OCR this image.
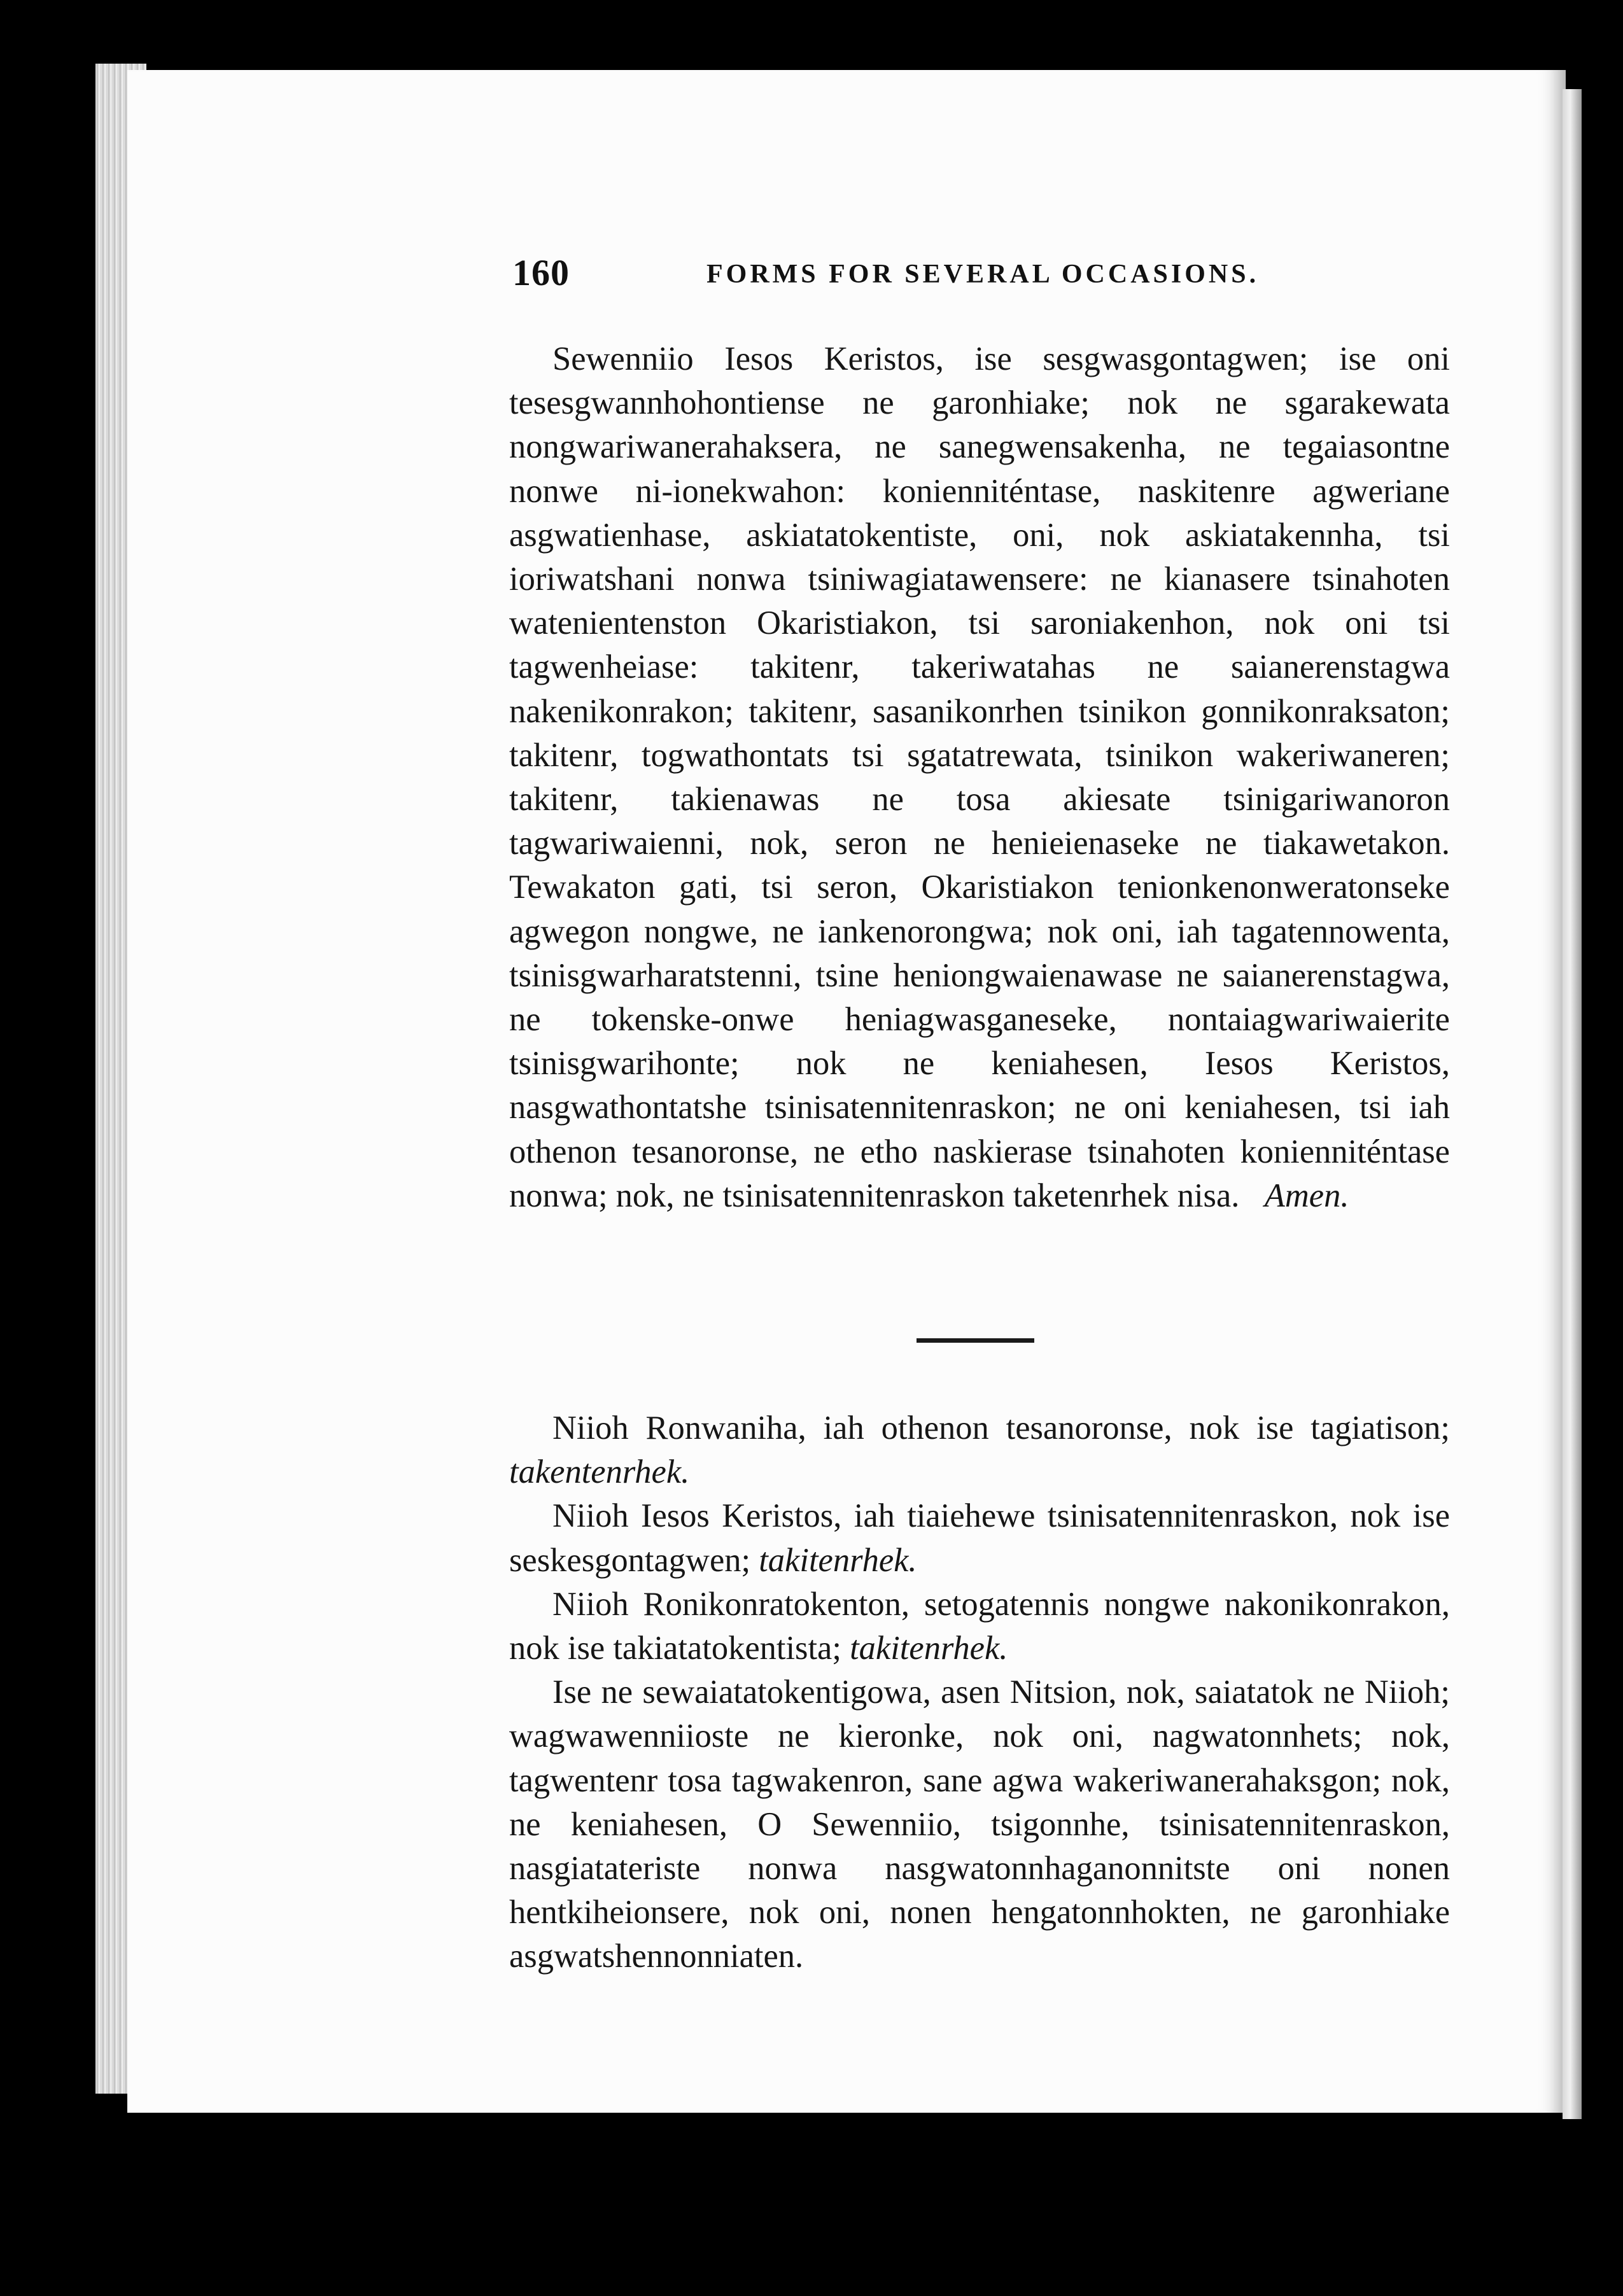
160	FORMS FOR SEVERAL OCCASIONS.

Sewenniio Iesos Keristos, ise sesgwasgontagwen; ise oni tesesgwannhohontiense ne garonhiake; nok ne sgarakewata nongwariwanerahaksera, ne sanegwensakenha, ne tegaiasontne nonwe ni-ionekwahon: konienniténtase, naskitenre agweriane asgwatienhase, askiatatokentiste, oni, nok askiatakennha, tsi ioriwatshani nonwa tsiniwagiatawensere: ne kianasere tsinahoten watenientenston Okaristiakon, tsi saroniakenhon, nok oni tsi tagwenheiase: takitenr, takeriwatahas ne saianerenstagwa nakenikonrakon; takitenr, sasanikonrhen tsinikon gonnikonraksaton; takitenr, togwathontats tsi sgatatrewata, tsinikon wakeriwaneren; takitenr, takienawas ne tosa akiesate tsinigariwanoron tagwariwaienni, nok, seron ne henieienaseke ne tiakawetakon. Tewakaton gati, tsi seron, Okaristiakon tenionkenonweratonseke agwegon nongwe, ne iankenorongwa; nok oni, iah tagatennowenta, tsinisgwarharatstenni, tsine heniongwaienawase ne saianerenstagwa, ne tokenske-onwe heniagwasganeseke, nontaiagwariwaierite tsinisgwarihonte; nok ne keniahesen, Iesos Keristos, nasgwathontatshe tsinisatennitenraskon; ne oni keniahesen, tsi iah othenon tesanoronse, ne etho naskierase tsinahoten konienniténtase nonwa; nok, ne tsinisatennitenraskon taketenrhek nisa. Amen.

Niioh Ronwaniha, iah othenon tesanoronse, nok ise tagiatison; takentenrhek.

Niioh Iesos Keristos, iah tiaiehewe tsinisatennitenraskon, nok ise seskesgontagwen; takitenrhek.

Niioh Ronikonratokenton, setogatennis nongwe nakonikonrakon, nok ise takiatatokentista; takitenrhek.

Ise ne sewaiatatokentigowa, asen Nitsion, nok, saiatatok ne Niioh; wagwawenniioste ne kieronke, nok oni, nagwatonnhets; nok, tagwentenr tosa tagwakenron, sane agwa wakeriwanerahaksgon; nok, ne keniahesen, O Sewenniio, tsigonnhe, tsinisatennitenraskon, nasgiatateriste nonwa nasgwatonnhaganonnitste oni nonen hentkiheionsere, nok oni, nonen hengatonnhokten, ne garonhiake asgwatshennonniaten.
